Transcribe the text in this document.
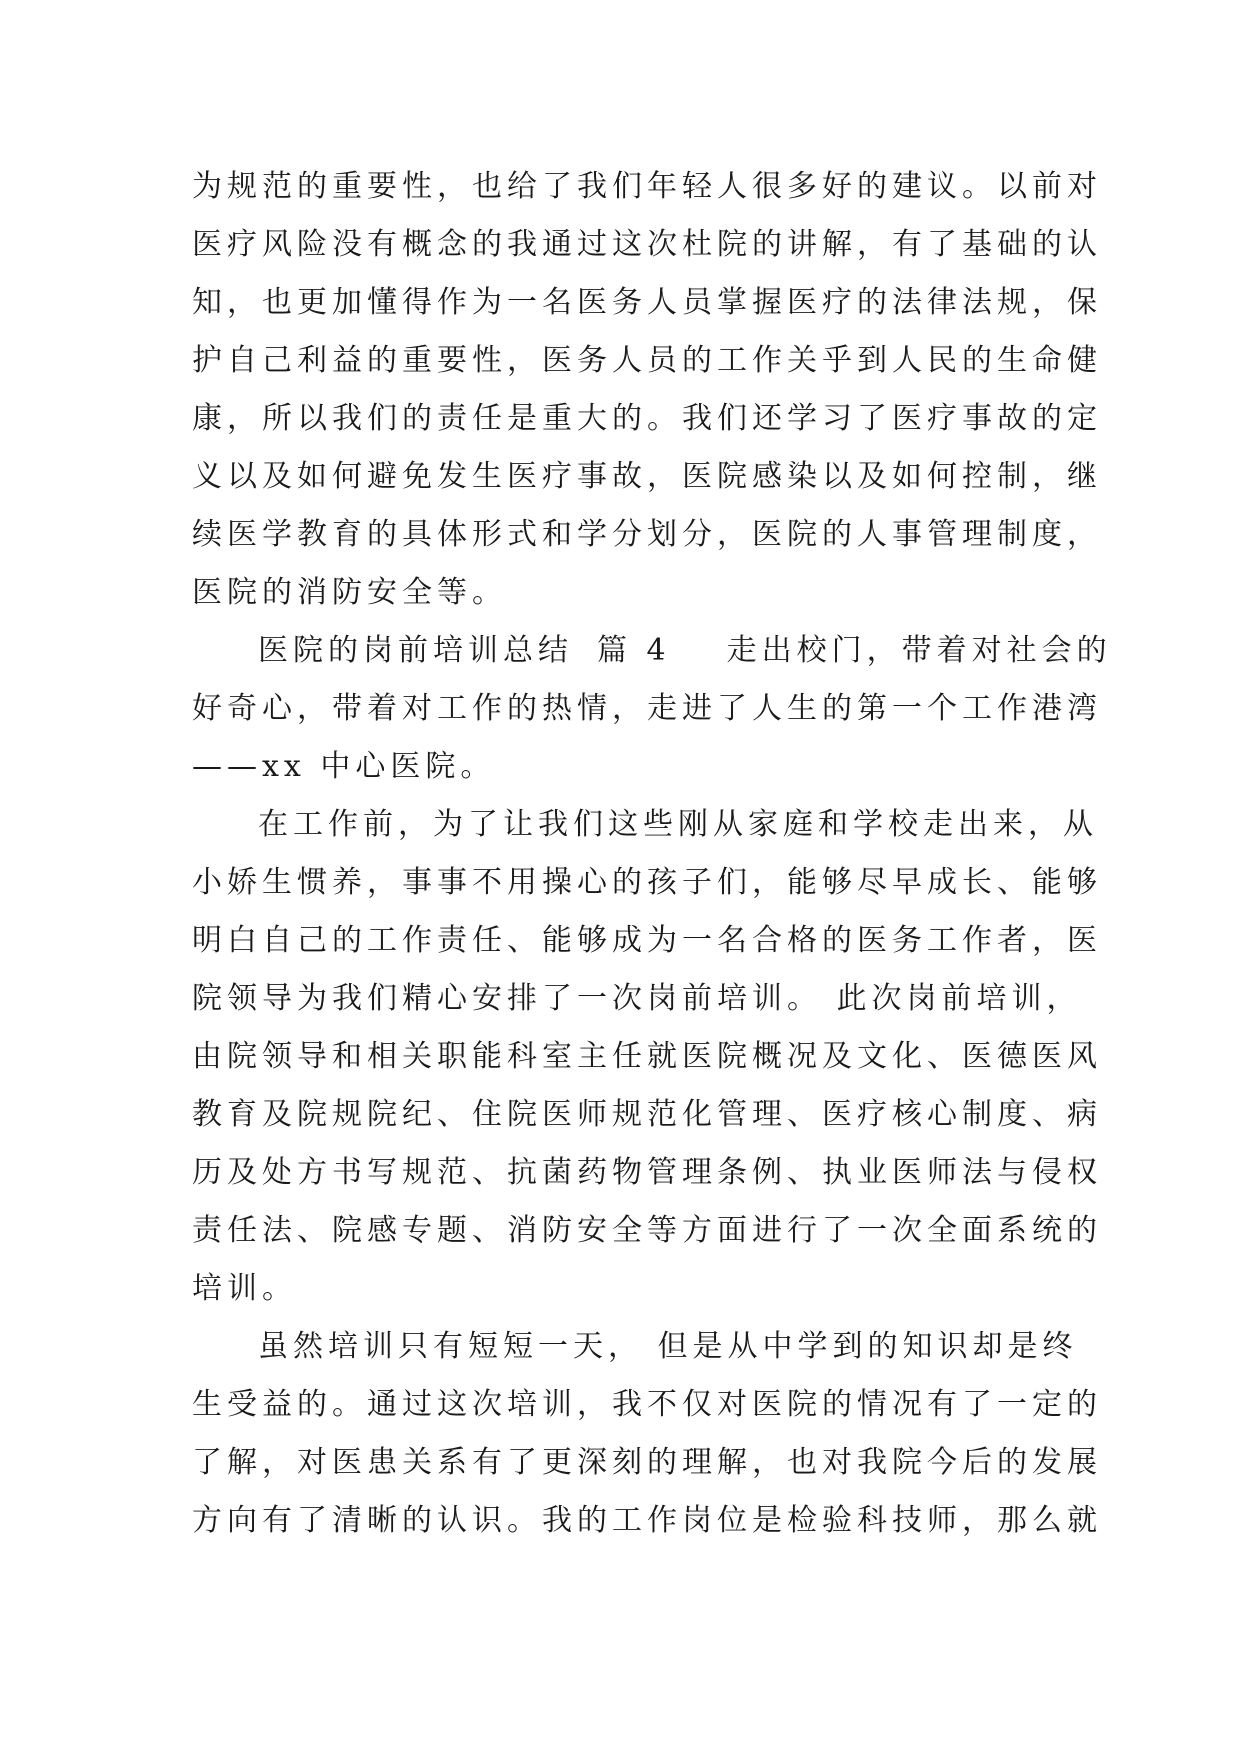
为规范的重要性，也给了我们年轻人很多好的建议。以前对
医疗风险没有概念的我通过这次杜院的讲解，有了基础的认
知，也更加懂得作为一名医务人员掌握医疗的法律法规，保
护自己利益的重要性，医务人员的工作关乎到人民的生命健
康，所以我们的责任是重大的。我们还学习了医疗事故的定
义以及如何避免发生医疗事故，医院感染以及如何控制，继
续医学教育的具体形式和学分划分，医院的人事管理制度，
医院的消防安全等。
医院的岗前培训总结 篇 4 走出校门，带着对社会的
好奇心，带着对工作的热情，走进了人生的第一个工作港湾
——xx 中心医院。
在工作前，为了让我们这些刚从家庭和学校走出来，从
小娇生惯养，事事不用操心的孩子们，能够尽早成长、能够
明白自己的工作责任、能够成为一名合格的医务工作者，医
院领导为我们精心安排了一次岗前培训。 此次岗前培训，
由院领导和相关职能科室主任就医院概况及文化、医德医风
教育及院规院纪、住院医师规范化管理、医疗核心制度、病
历及处方书写规范、抗菌药物管理条例、执业医师法与侵权
责任法、院感专题、消防安全等方面进行了一次全面系统的
培训。
虽然培训只有短短一天， 但是从中学到的知识却是终
生受益的。通过这次培训，我不仅对医院的情况有了一定的
了解，对医患关系有了更深刻的理解，也对我院今后的发展
方向有了清晰的认识。我的工作岗位是检验科技师，那么就
